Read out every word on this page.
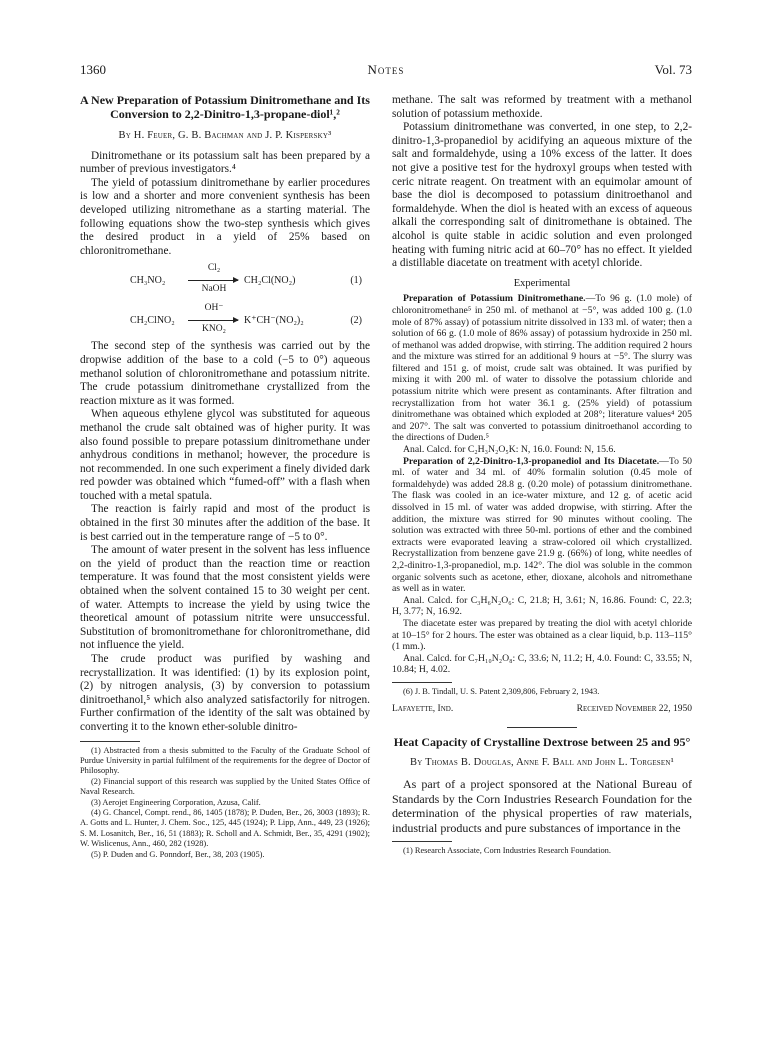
1360	Notes	Vol. 73
A New Preparation of Potassium Dinitromethane and Its Conversion to 2,2-Dinitro-1,3-propane-diol¹,²
By H. Feuer, G. B. Bachman and J. P. Kispersky³

Dinitromethane or its potassium salt has been prepared by a number of previous investigators.⁴

The yield of potassium dinitromethane by earlier procedures is low and a shorter and more convenient synthesis has been developed utilizing nitromethane as a starting material. The following equations show the two-step synthesis which gives the desired product in a yield of 25% based on chloronitromethane.

CH₃NO₂
Cl₂
NaOH
CH₂Cl(NO₂)	(1)
CH₂ClNO₂
OH⁻
KNO₂
K⁺CH⁻(NO₂)₂	(2)

The second step of the synthesis was carried out by the dropwise addition of the base to a cold (−5 to 0°) aqueous methanol solution of chloronitromethane and potassium nitrite. The crude potassium dinitromethane crystallized from the reaction mixture as it was formed.

When aqueous ethylene glycol was substituted for aqueous methanol the crude salt obtained was of higher purity. It was also found possible to prepare potassium dinitromethane under anhydrous conditions in methanol; however, the procedure is not recommended. In one such experiment a finely divided dark red powder was obtained which “fumed-off” with a flash when touched with a metal spatula.

The reaction is fairly rapid and most of the product is obtained in the first 30 minutes after the addition of the base. It is best carried out in the temperature range of −5 to 0°.

The amount of water present in the solvent has less influence on the yield of product than the reaction time or reaction temperature. It was found that the most consistent yields were obtained when the solvent contained 15 to 30 weight per cent. of water. Attempts to increase the yield by using twice the theoretical amount of potassium nitrite were unsuccessful. Substitution of bromonitromethane for chloronitromethane, did not influence the yield.

The crude product was purified by washing and recrystallization. It was identified: (1) by its explosion point, (2) by nitrogen analysis, (3) by conversion to potassium dinitroethanol,⁵ which also analyzed satisfactorily for nitrogen. Further confirmation of the identity of the salt was obtained by converting it to the known ether-soluble dinitro-

(1) Abstracted from a thesis submitted to the Faculty of the Graduate School of Purdue University in partial fulfilment of the requirements for the degree of Doctor of Philosophy.

(2) Financial support of this research was supplied by the United States Office of Naval Research.

(3) Aerojet Engineering Corporation, Azusa, Calif.

(4) G. Chancel, Compt. rend., 86, 1405 (1878); P. Duden, Ber., 26, 3003 (1893); R. A. Gotts and L. Hunter, J. Chem. Soc., 125, 445 (1924); P. Lipp, Ann., 449, 23 (1926); S. M. Losanitch, Ber., 16, 51 (1883); R. Scholl and A. Schmidt, Ber., 35, 4291 (1902); W. Wislicenus, Ann., 460, 282 (1928).

(5) P. Duden and G. Ponndorf, Ber., 38, 203 (1905).

methane. The salt was reformed by treatment with a methanol solution of potassium methoxide.

Potassium dinitromethane was converted, in one step, to 2,2-dinitro-1,3-propanediol by acidifying an aqueous mixture of the salt and formaldehyde, using a 10% excess of the latter. It does not give a positive test for the hydroxyl groups when tested with ceric nitrate reagent. On treatment with an equimolar amount of base the diol is decomposed to potassium dinitroethanol and formaldehyde. When the diol is heated with an excess of aqueous alkali the corresponding salt of dinitromethane is obtained. The alcohol is quite stable in acidic solution and even prolonged heating with fuming nitric acid at 60–70° has no effect. It yielded a distillable diacetate on treatment with acetyl chloride.

Experimental

Preparation of Potassium Dinitromethane.—To 96 g. (1.0 mole) of chloronitromethane⁵ in 250 ml. of methanol at −5°, was added 100 g. (1.0 mole of 87% assay) of potassium nitrite dissolved in 133 ml. of water; then a solution of 66 g. (1.0 mole of 86% assay) of potassium hydroxide in 250 ml. of methanol was added dropwise, with stirring. The addition required 2 hours and the mixture was stirred for an additional 9 hours at −5°. The slurry was filtered and 151 g. of moist, crude salt was obtained. It was purified by mixing it with 200 ml. of water to dissolve the potassium chloride and potassium nitrite which were present as contaminants. After filtration and recrystallization from hot water 36.1 g. (25% yield) of potassium dinitromethane was obtained which exploded at 208°; literature values⁴ 205 and 207°. The salt was converted to potassium dinitroethanol according to the directions of Duden.⁵

Anal. Calcd. for C₂H₃N₂O₅K: N, 16.0. Found: N, 15.6.

Preparation of 2,2-Dinitro-1,3-propanediol and Its Diacetate.—To 50 ml. of water and 34 ml. of 40% formalin solution (0.45 mole of formaldehyde) was added 28.8 g. (0.20 mole) of potassium dinitromethane. The flask was cooled in an ice-water mixture, and 12 g. of acetic acid dissolved in 15 ml. of water was added dropwise, with stirring. After the addition, the mixture was stirred for 90 minutes without cooling. The solution was extracted with three 50-ml. portions of ether and the combined extracts were evaporated leaving a straw-colored oil which crystallized. Recrystallization from benzene gave 21.9 g. (66%) of long, white needles of 2,2-dinitro-1,3-propanediol, m.p. 142°. The diol was soluble in the common organic solvents such as acetone, ether, dioxane, alcohols and nitromethane as well as in water.

Anal. Calcd. for C₃H₆N₂O₆: C, 21.8; H, 3.61; N, 16.86. Found: C, 22.3; H, 3.77; N, 16.92.

The diacetate ester was prepared by treating the diol with acetyl chloride at 10–15° for 2 hours. The ester was obtained as a clear liquid, b.p. 113–115° (1 mm.).

Anal. Calcd. for C₇H₁₀N₂O₈: C, 33.6; N, 11.2; H, 4.0. Found: C, 33.55; N, 10.84; H, 4.02.

(6) J. B. Tindall, U. S. Patent 2,309,806, February 2, 1943.

Lafayette, Ind.	Received November 22, 1950
Heat Capacity of Crystalline Dextrose between 25 and 95°
By Thomas B. Douglas, Anne F. Ball and John L. Torgesen¹

As part of a project sponsored at the National Bureau of Standards by the Corn Industries Research Foundation for the determination of the physical properties of raw materials, industrial products and pure substances of importance in the

(1) Research Associate, Corn Industries Research Foundation.
